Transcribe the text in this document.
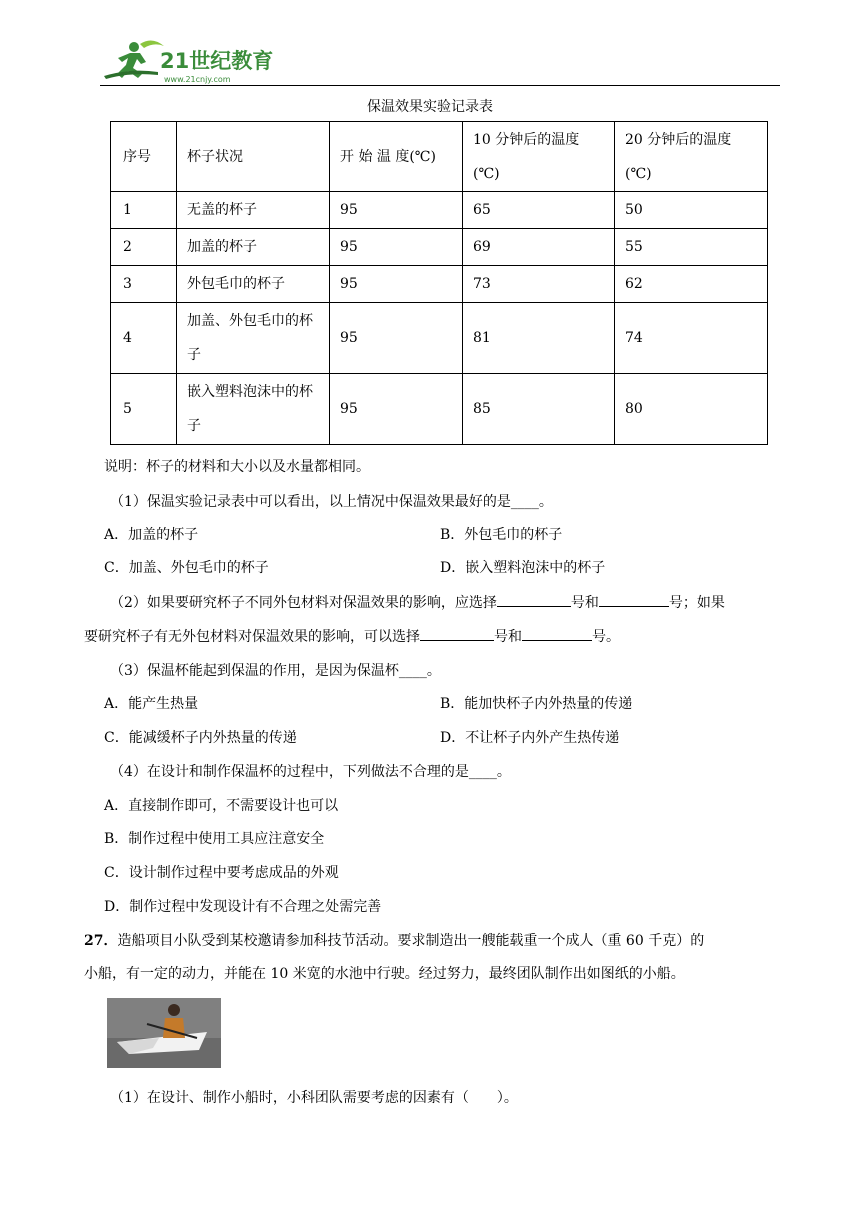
21世纪教育
www.21cnjy.com
保温效果实验记录表
序号	杯子状况	开 始 温 度(℃)	10 分钟后的温度(℃)	20 分钟后的温度(℃)
1	无盖的杯子	95	65	50
2	加盖的杯子	95	69	55
3	外包毛巾的杯子	95	73	62
4	加盖、外包毛巾的杯子	95	81	74
5	嵌入塑料泡沫中的杯子	95	85	80
说明：杯子的材料和大小以及水量都相同。
（1）保温实验记录表中可以看出，以上情况中保温效果最好的是____。
A．加盖的杯子	B．外包毛巾的杯子
C．加盖、外包毛巾的杯子	D．嵌入塑料泡沫中的杯子
（2）如果要研究杯子不同外包材料对保温效果的影响，应选择	号和	号；如果
要研究杯子有无外包材料对保温效果的影响，可以选择	号和	号。
（3）保温杯能起到保温的作用，是因为保温杯____。
A．能产生热量	B．能加快杯子内外热量的传递
C．能减缓杯子内外热量的传递	D．不让杯子内外产生热传递
（4）在设计和制作保温杯的过程中，下列做法不合理的是____。
A．直接制作即可，不需要设计也可以
B．制作过程中使用工具应注意安全
C．设计制作过程中要考虑成品的外观
D．制作过程中发现设计有不合理之处需完善
27．造船项目小队受到某校邀请参加科技节活动。要求制造出一艘能载重一个成人（重 60 千克）的
小船，有一定的动力，并能在 10 米宽的水池中行驶。经过努力，最终团队制作出如图纸的小船。
（1）在设计、制作小船时，小科团队需要考虑的因素有（　　）。
